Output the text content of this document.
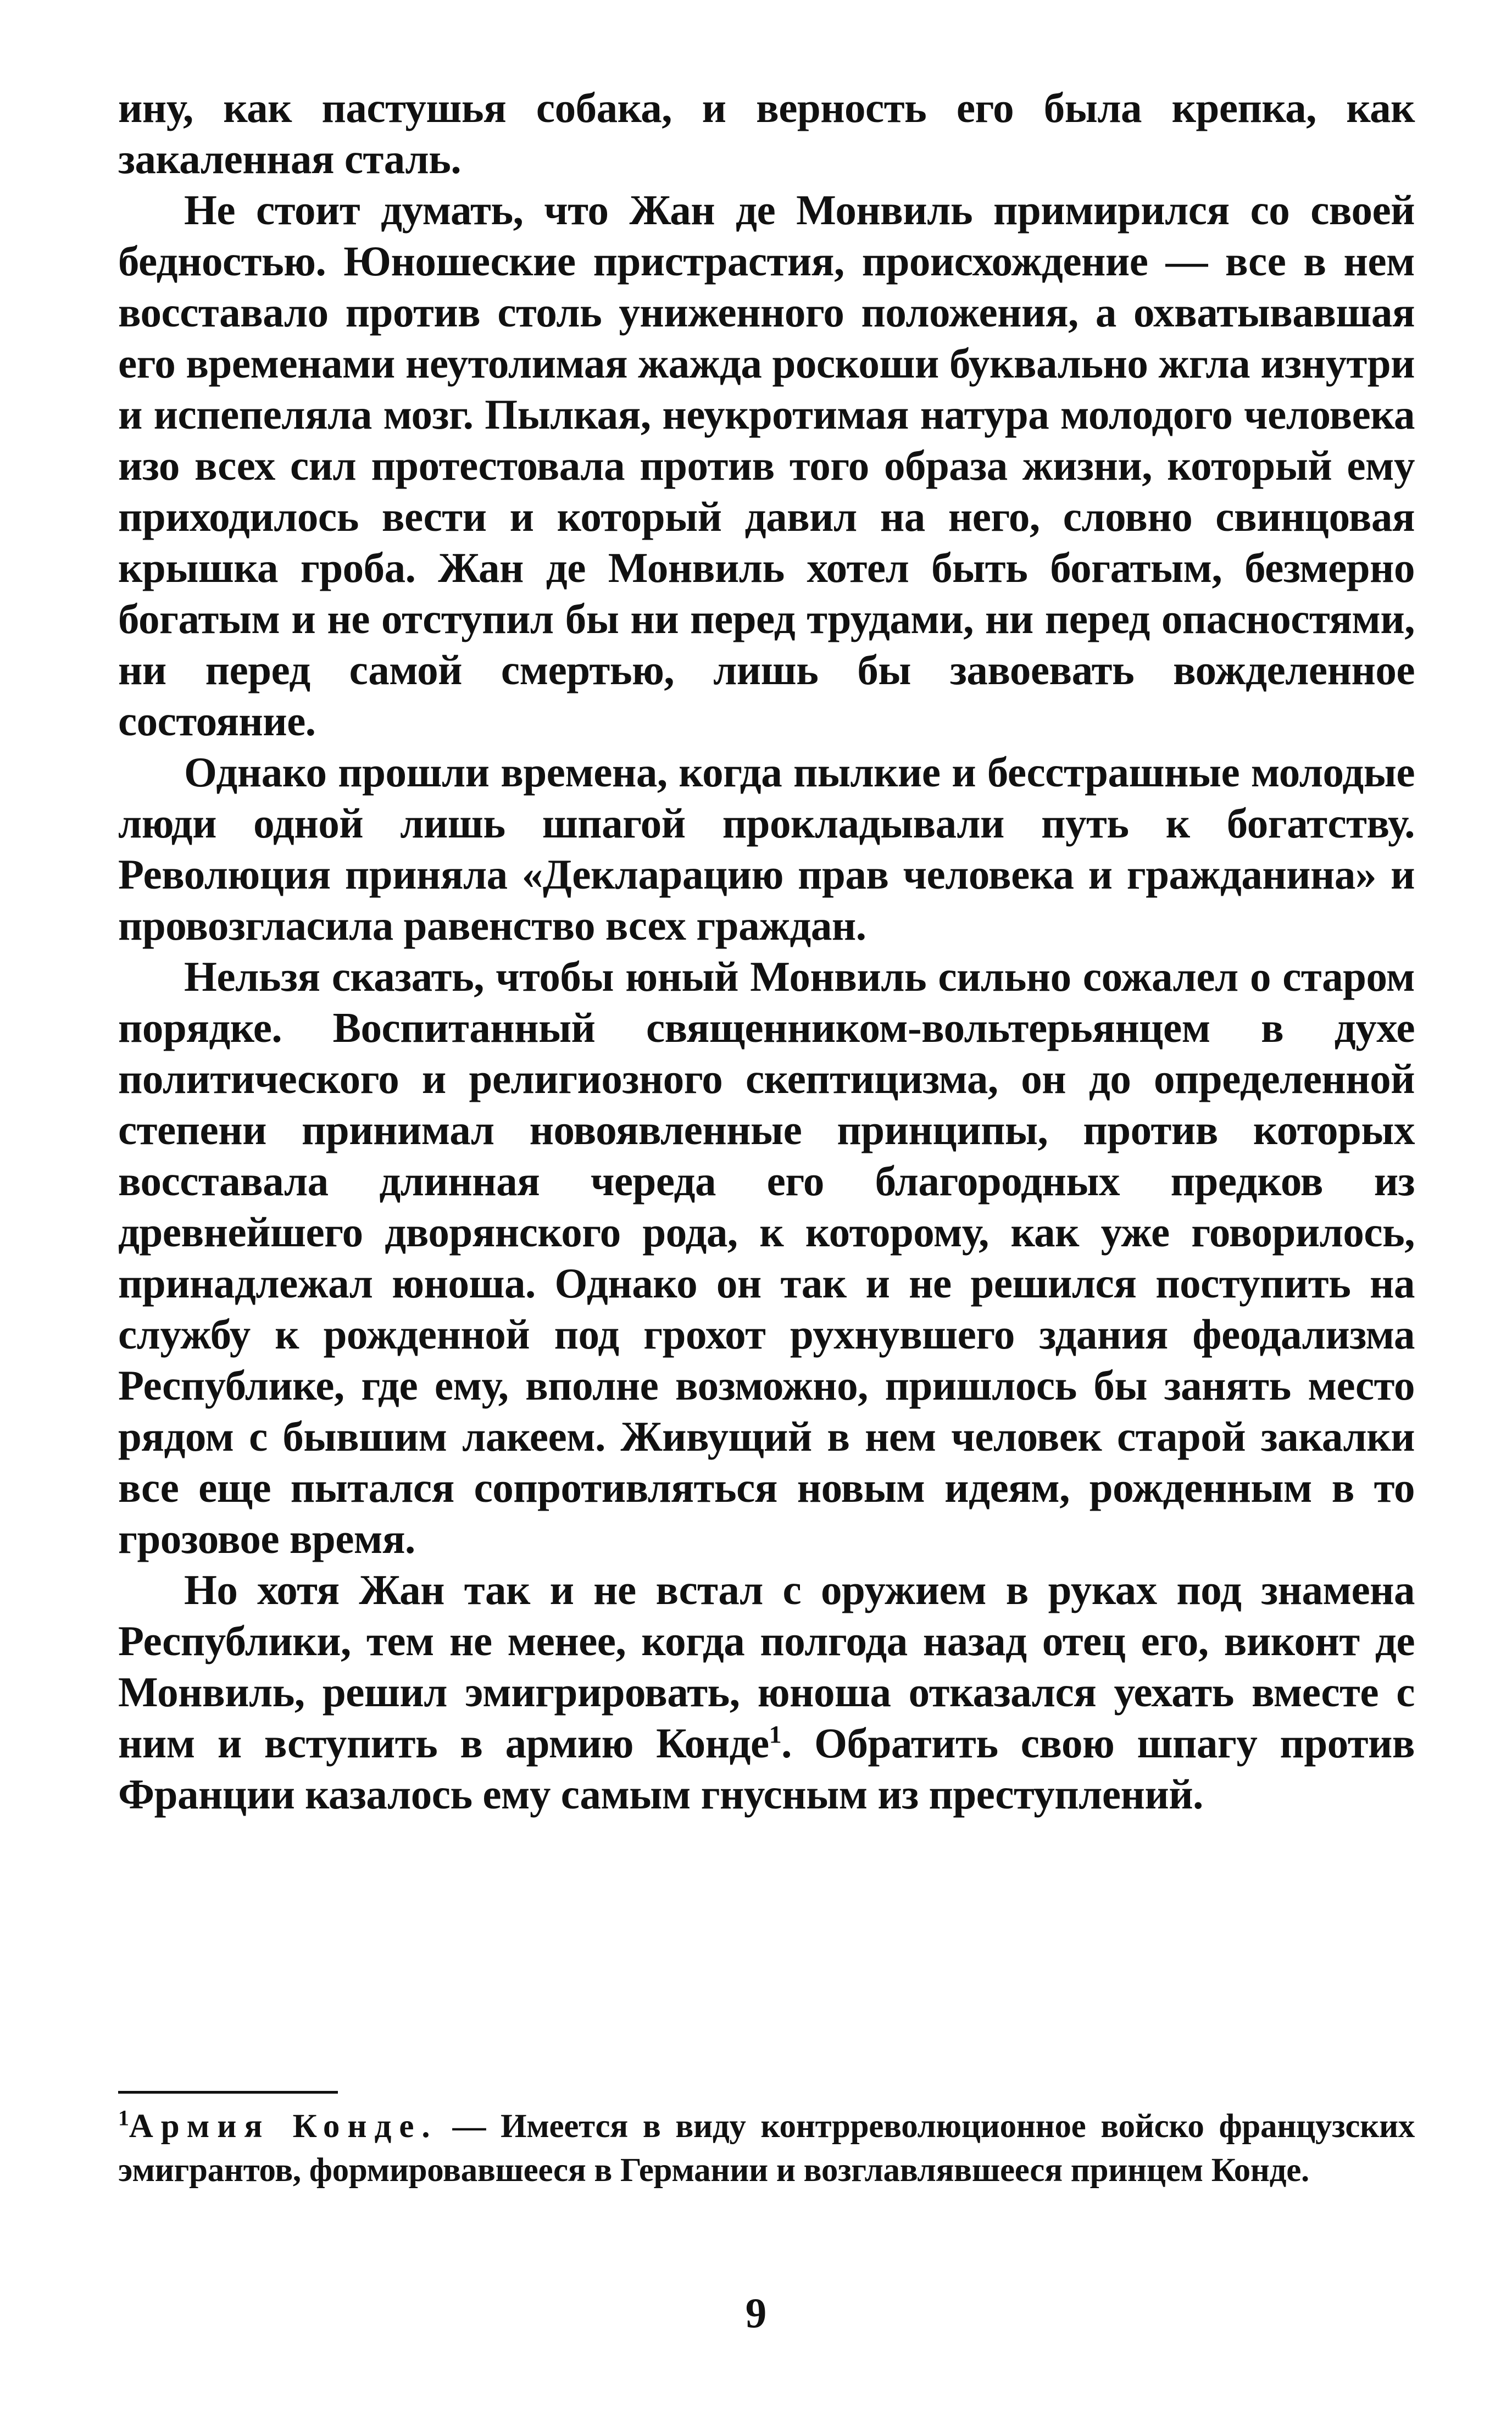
ину, как пастушья собака, и верность его была крепка, как закаленная сталь.

Не стоит думать, что Жан де Монвиль примирился со своей бедностью. Юношеские пристрастия, происхождение — все в нем восставало против столь униженного положения, а охватывавшая его временами неутолимая жажда роскоши буквально жгла изнутри и испепеляла мозг. Пылкая, неукротимая натура молодого человека изо всех сил протестовала против того образа жизни, который ему приходилось вести и который давил на него, словно свинцовая крышка гроба. Жан де Монвиль хотел быть богатым, безмерно богатым и не отступил бы ни перед трудами, ни перед опасностями, ни перед самой смертью, лишь бы завоевать вожделенное состояние.

Однако прошли времена, когда пылкие и бесстрашные молодые люди одной лишь шпагой прокладывали путь к богатству. Революция приняла «Декларацию прав человека и гражданина» и провозгласила равенство всех граждан.

Нельзя сказать, чтобы юный Монвиль сильно сожалел о старом порядке. Воспитанный священником-вольтерьянцем в духе политического и религиозного скептицизма, он до определенной степени принимал новоявленные принципы, против которых восставала длинная череда его благородных предков из древнейшего дворянского рода, к которому, как уже говорилось, принадлежал юноша. Однако он так и не решился поступить на службу к рожденной под грохот рухнувшего здания феодализма Республике, где ему, вполне возможно, пришлось бы занять место рядом с бывшим лакеем. Живущий в нем человек старой закалки все еще пытался сопротивляться новым идеям, рожденным в то грозовое время.

Но хотя Жан так и не встал с оружием в руках под знамена Республики, тем не менее, когда полгода назад отец его, виконт де Монвиль, решил эмигрировать, юноша отказался уехать вместе с ним и вступить в армию Конде$^1$. Обратить свою шпагу против Франции казалось ему самым гнусным из преступлений.

$^1$Армия Конде. — Имеется в виду контрреволюционное войско французских эмигрантов, формировавшееся в Германии и возглавлявшееся принцем Конде.
9
